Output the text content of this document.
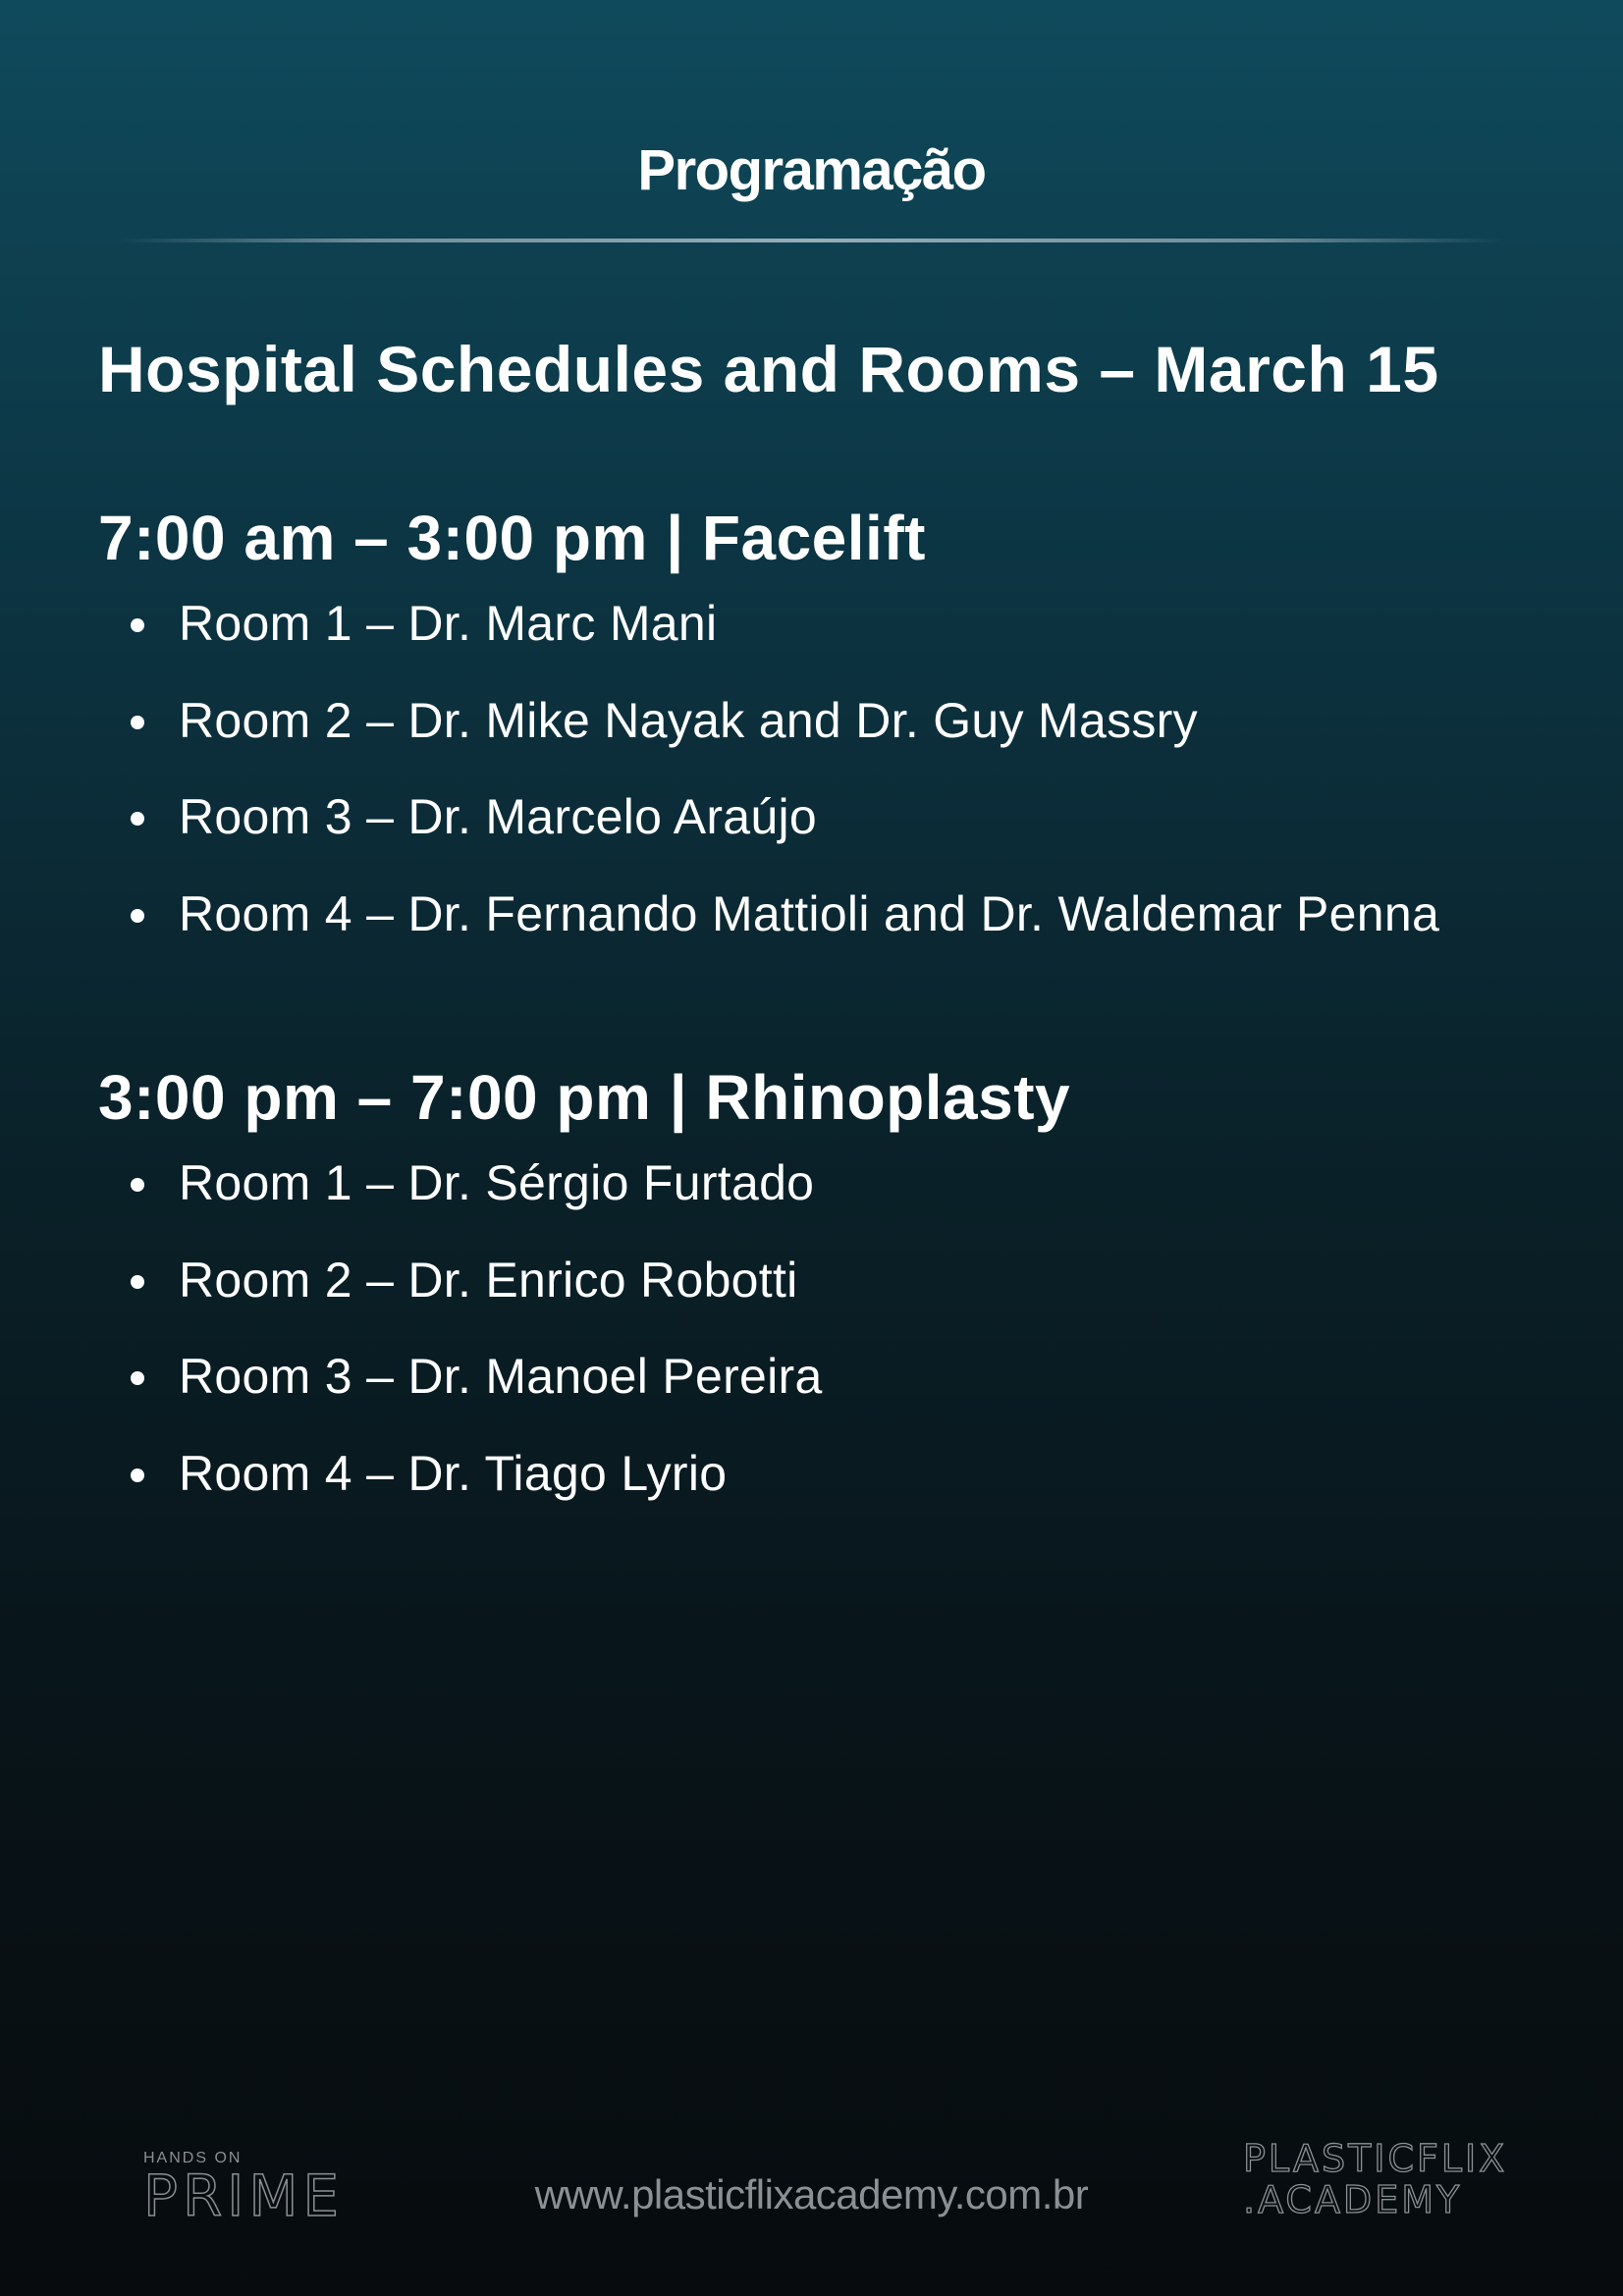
Programação
Hospital Schedules and Rooms – March 15
7:00 am – 3:00 pm | Facelift
Room 1 – Dr. Marc Mani
Room 2 – Dr. Mike Nayak and Dr. Guy Massry
Room 3 – Dr. Marcelo Araújo
Room 4 – Dr. Fernando Mattioli and Dr. Waldemar Penna
3:00 pm – 7:00 pm | Rhinoplasty
Room 1 – Dr. Sérgio Furtado
Room 2 – Dr. Enrico Robotti
Room 3 – Dr. Manoel Pereira
Room 4 – Dr. Tiago Lyrio
HANDS ON
PRIME	www.plasticflixacademy.com.br
PLASTICFLIX
.ACADEMY
